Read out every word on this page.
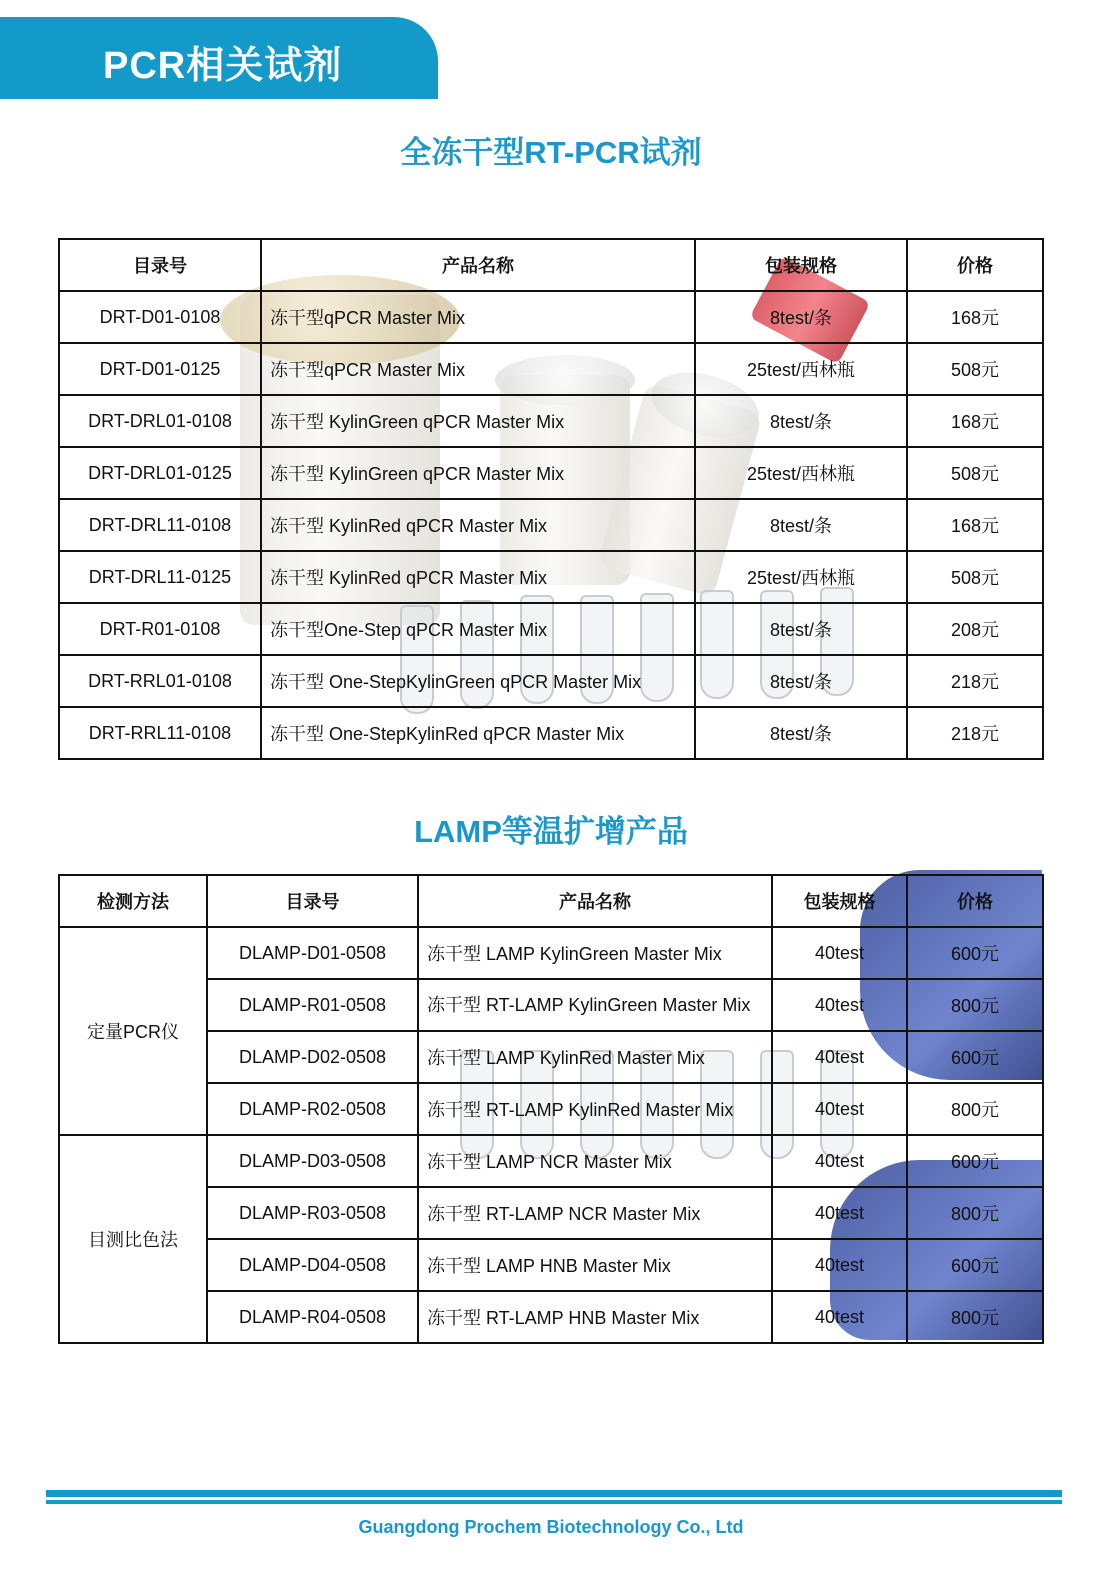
PCR相关试剂
全冻干型RT-PCR试剂
目录号	产品名称	包装规格	价格
DRT-D01-0108	冻干型qPCR Master Mix	8test/条	168元
DRT-D01-0125	冻干型qPCR Master Mix	25test/西林瓶	508元
DRT-DRL01-0108	冻干型 KylinGreen qPCR Master Mix	8test/条	168元
DRT-DRL01-0125	冻干型 KylinGreen qPCR Master Mix	25test/西林瓶	508元
DRT-DRL11-0108	冻干型 KylinRed qPCR Master Mix	8test/条	168元
DRT-DRL11-0125	冻干型 KylinRed qPCR Master Mix	25test/西林瓶	508元
DRT-R01-0108	冻干型One-Step qPCR Master Mix	8test/条	208元
DRT-RRL01-0108	冻干型 One-StepKylinGreen qPCR Master Mix	8test/条	218元
DRT-RRL11-0108	冻干型 One-StepKylinRed qPCR Master Mix	8test/条	218元
LAMP等温扩增产品
检测方法	目录号	产品名称	包装规格	价格
定量PCR仪	DLAMP-D01-0508	冻干型 LAMP KylinGreen Master Mix	40test	600元
	DLAMP-R01-0508	冻干型 RT-LAMP KylinGreen Master Mix	40test	800元
	DLAMP-D02-0508	冻干型 LAMP KylinRed Master Mix	40test	600元
	DLAMP-R02-0508	冻干型 RT-LAMP KylinRed Master Mix	40test	800元
目测比色法	DLAMP-D03-0508	冻干型 LAMP NCR Master Mix	40test	600元
	DLAMP-R03-0508	冻干型 RT-LAMP NCR Master Mix	40test	800元
	DLAMP-D04-0508	冻干型 LAMP HNB Master Mix	40test	600元
	DLAMP-R04-0508	冻干型 RT-LAMP HNB Master Mix	40test	800元
Guangdong Prochem Biotechnology Co., Ltd
